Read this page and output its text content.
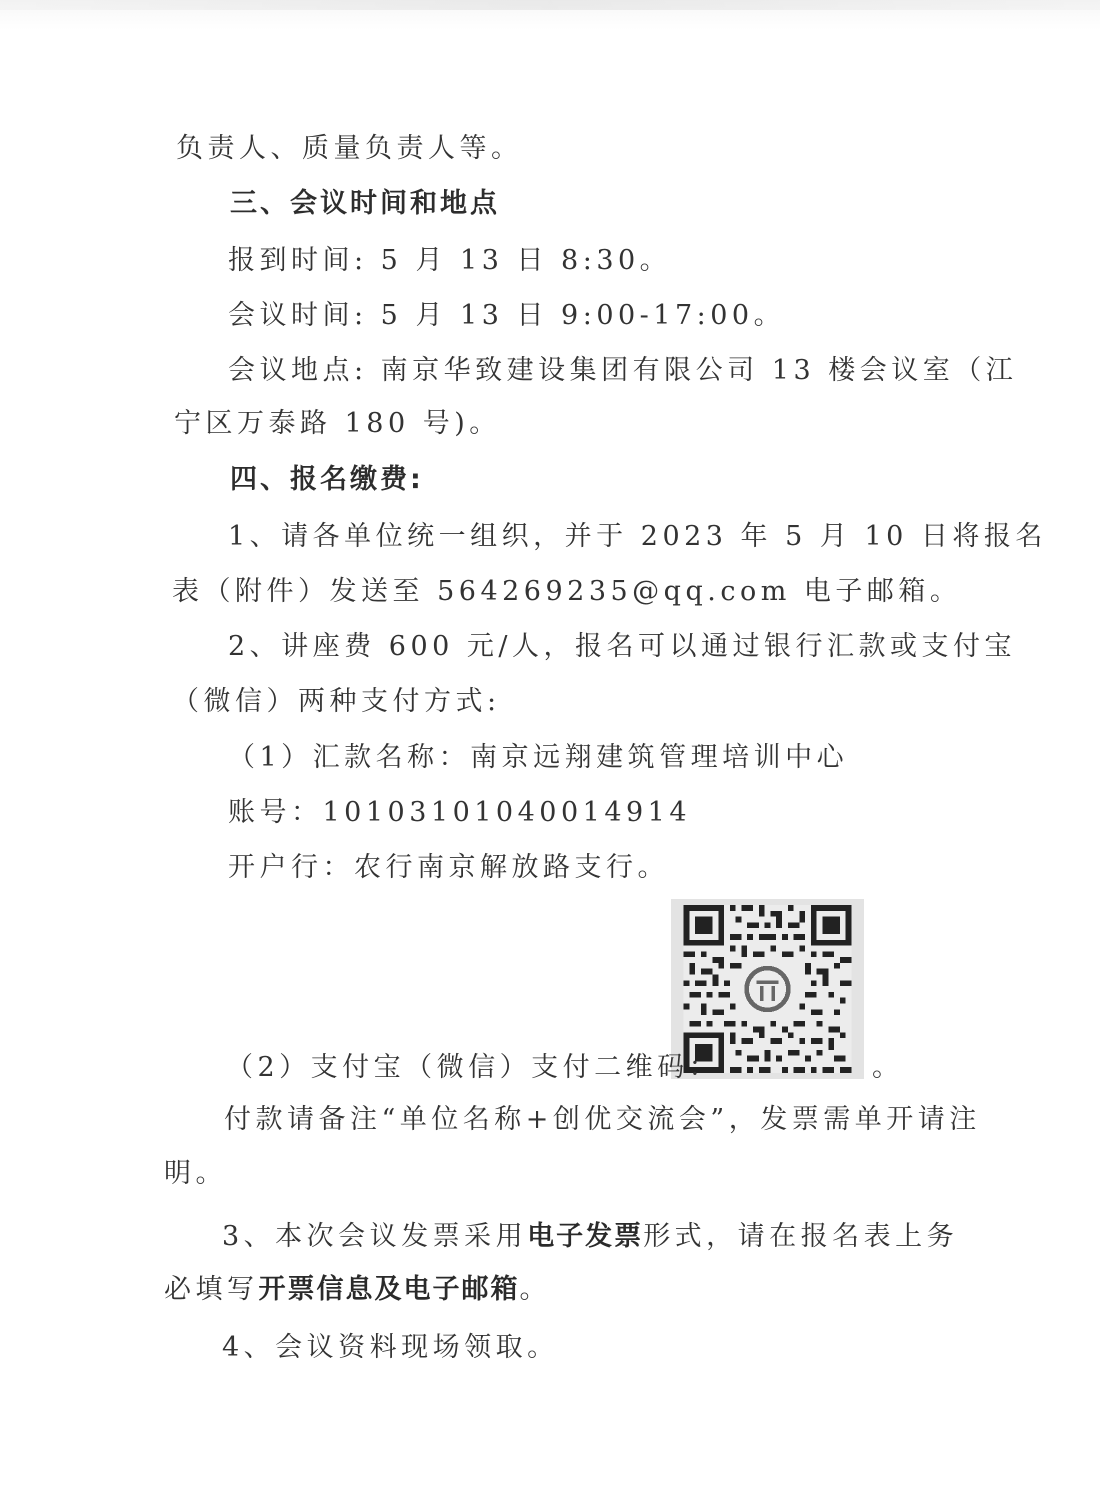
负责人、质量负责人等。
三、会议时间和地点
报到时间: 5 月 13 日 8:30。
会议时间: 5 月 13 日 9:00-17:00。
会议地点: 南京华致建设集团有限公司 13 楼会议室（江
宁区万泰路 180 号)。
四、报名缴费:
1、请各单位统一组织，并于 2023 年 5 月 10 日将报名
表（附件）发送至 564269235@qq.com 电子邮箱。
2、讲座费 600 元/人，报名可以通过银行汇款或支付宝
（微信）两种支付方式:
（1）汇款名称：南京远翔建筑管理培训中心
账号：10103101040014914
开户行：农行南京解放路支行。
（2）支付宝（微信）支付二维码：	。
付款请备注“单位名称+创优交流会”，发票需单开请注
明。
3、本次会议发票采用电子发票形式，请在报名表上务
必填写开票信息及电子邮箱。
4、会议资料现场领取。
